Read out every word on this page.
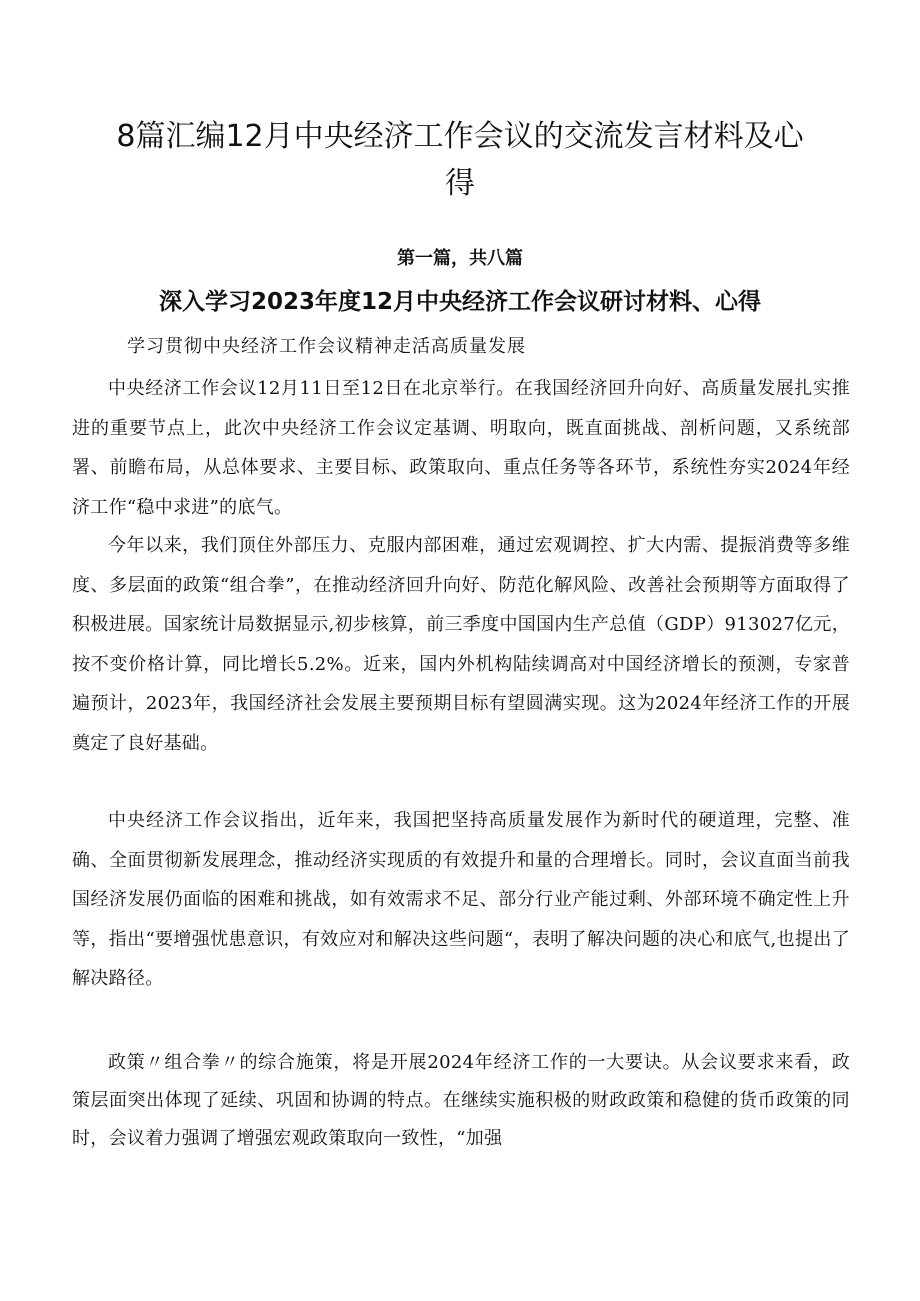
8篇汇编12月中央经济工作会议的交流发言材料及心得
第一篇，共八篇
深入学习2023年度12月中央经济工作会议研讨材料、心得
学习贯彻中央经济工作会议精神走活高质量发展

中央经济工作会议12月11日至12日在北京举行。在我国经济回升向好、高质量发展扎实推进的重要节点上，此次中央经济工作会议定基调、明取向，既直面挑战、剖析问题，又系统部署、前瞻布局，从总体要求、主要目标、政策取向、重点任务等各环节，系统性夯实2024年经济工作“稳中求进”的底气。

今年以来，我们顶住外部压力、克服内部困难，通过宏观调控、扩大内需、提振消费等多维度、多层面的政策“组合拳”，在推动经济回升向好、防范化解风险、改善社会预期等方面取得了积极进展。国家统计局数据显示,初步核算，前三季度中国国内生产总值（GDP）913027亿元，按不变价格计算，同比增长5.2%。近来，国内外机构陆续调高对中国经济增长的预测，专家普遍预计，2023年，我国经济社会发展主要预期目标有望圆满实现。这为2024年经济工作的开展奠定了良好基础。

中央经济工作会议指出，近年来，我国把坚持高质量发展作为新时代的硬道理，完整、准确、全面贯彻新发展理念，推动经济实现质的有效提升和量的合理增长。同时，会议直面当前我国经济发展仍面临的困难和挑战，如有效需求不足、部分行业产能过剩、外部环境不确定性上升等，指出“要增强忧患意识，有效应对和解决这些问题“，表明了解决问题的决心和底气,也提出了解决路径。

政策〃组合拳〃的综合施策，将是开展2024年经济工作的一大要诀。从会议要求来看，政策层面突出体现了延续、巩固和协调的特点。在继续实施积极的财政政策和稳健的货币政策的同时，会议着力强调了增强宏观政策取向一致性，“加强
